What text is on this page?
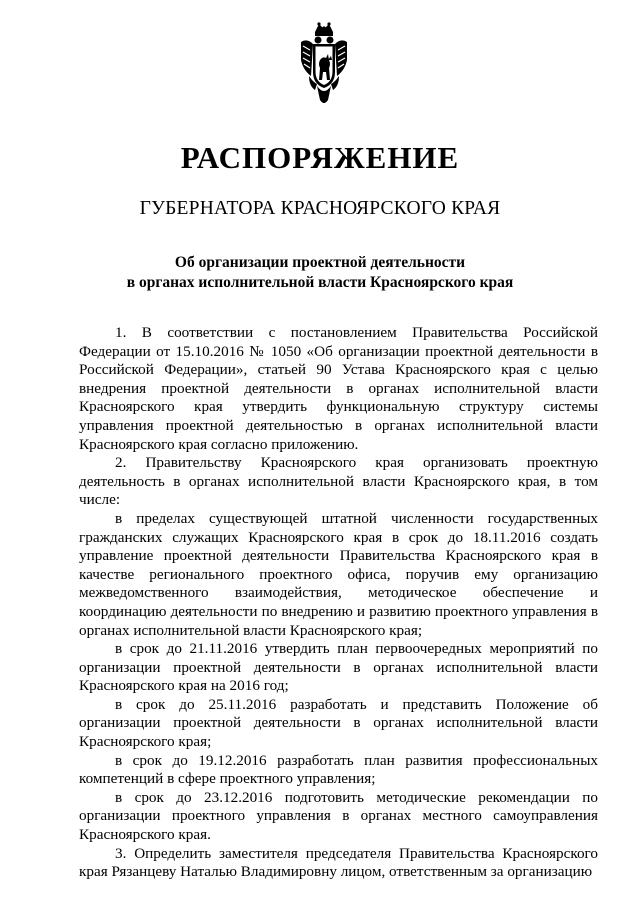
РАСПОРЯЖЕНИЕ
ГУБЕРНАТОРА КРАСНОЯРСКОГО КРАЯ
Об организации проектной деятельности
в органах исполнительной власти Красноярского края

1. В соответствии с постановлением Правительства Российской Федерации от 15.10.2016 № 1050 «Об организации проектной деятельности в Российской Федерации», статьей 90 Устава Красноярского края с целью внедрения проектной деятельности в органах исполнительной власти Красноярского края утвердить функциональную структуру системы управления проектной деятельностью в органах исполнительной власти Красноярского края согласно приложению.

2. Правительству Красноярского края организовать проектную деятельность в органах исполнительной власти Красноярского края, в том числе:

в пределах существующей штатной численности государственных гражданских служащих Красноярского края в срок до 18.11.2016 создать управление проектной деятельности Правительства Красноярского края в качестве регионального проектного офиса, поручив ему организацию межведомственного взаимодействия, методическое обеспечение и координацию деятельности по внедрению и развитию проектного управления в органах исполнительной власти Красноярского края;

в срок до 21.11.2016 утвердить план первоочередных мероприятий по организации проектной деятельности в органах исполнительной власти Красноярского края на 2016 год;

в срок до 25.11.2016 разработать и представить Положение об организации проектной деятельности в органах исполнительной власти Красноярского края;

в срок до 19.12.2016 разработать план развития профессиональных компетенций в сфере проектного управления;

в срок до 23.12.2016 подготовить методические рекомендации по организации проектного управления в органах местного самоуправления Красноярского края.

3. Определить заместителя председателя Правительства Красноярского края Рязанцеву Наталью Владимировну лицом, ответственным за организацию
